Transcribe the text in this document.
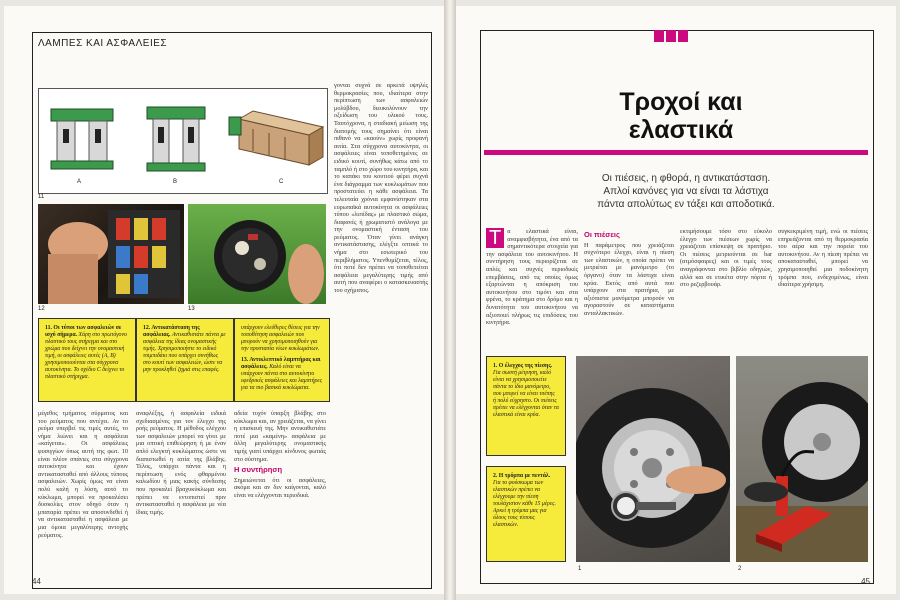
ΛΑΜΠΕΣ ΚΑΙ ΑΣΦΑΛΕΙΕΣ
A	B	C
11

γονται συχνά σε αρκετά υψηλές θερμοκρασίες που, ιδιαίτερα στην περίπτωση των ασφαλειών μολύβδου, διευκολύνουν την οξείδωση του υλικού τους. Ταυτόχρονα, η σταδιακή μείωση της διατομής τους σημαίνει ότι είναι πιθανό να «καούν» χωρίς προφανή αιτία. Στα σύγχρονα αυτοκίνητα, οι ασφάλειες είναι τοποθετημένες σε ειδικό κουτί, συνήθως κάτω από το ταμπλό ή στο χώρο του κινητήρα, και το καπάκι του κουτιού φέρει συχνά ένα διάγραμμα των κυκλωμάτων που προστατεύει η κάθε ασφάλεια. Τα τελευταία χρόνια εμφανίστηκαν στα ευρωπαϊκά αυτοκίνητα οι ασφάλειες τύπου «λεπίδας» με πλαστικό σώμα, διαφανές ή χρωματιστό ανάλογα με την ονομαστική ένταση του ρεύματος. Όταν γίνει ανάγκη αντικατάστασης, ελέγξτε οπτικά το νήμα στο εσωτερικό του περιβλήματος. Υπενθυμίζεται, τέλος, ότι ποτέ δεν πρέπει να τοποθετείται ασφάλεια μεγαλύτερης τιμής από αυτή που αναφέρει ο κατασκευαστής του οχήματος.

12	13

11. Οι τύποι των ασφαλειών σε ισχύ σήμερα. Χάρη στο πρωτόγονο πλαστικό τους στήριγμα και στο χρώμα που δείχνει την ονομαστική τιμή, οι ασφάλειες αυτές (Α, Β) χρησιμοποιούνται στα σύγχρονα αυτοκίνητα. Το σχέδιο C δείχνει το πλαστικό στήριγμα.

12. Αντικατάσταση της ασφάλειας. Αντικαθιστάτε πάντα με ασφάλεια της ίδιας ονομαστικής τιμής. Χρησιμοποιήστε το ειδικό τσιμπιδάκι που υπάρχει συνήθως στο κουτί των ασφαλειών, ώστε να μην προκληθεί ζημιά στις επαφές.

υπάρχουν ελεύθερες θέσεις για την τοποθέτηση ασφαλειών που μπορούν να χρησιμοποιηθούν για την προστασία νέων κυκλωμάτων.

13. Αντικλεπτικό λαμπτήρας και ασφάλειες. Καλό είναι να υπάρχουν πάντα στο αυτοκίνητο εφεδρικές ασφάλειες και λαμπτήρες για τα πιο βασικά κυκλώματα.

μέγεθος τμήματος σύρματος και του ρεύματος που αντέχει. Αν το ρεύμα υπερβεί τις τιμές αυτές, το νήμα λιώνει και η ασφάλεια «καίγεται». Οι ασφάλειες φυσιγγίων όπως αυτή της φωτ. 10 είναι πλέον σπάνιες στα σύγχρονα αυτοκίνητα και έχουν αντικατασταθεί από άλλους τύπους ασφαλειών. Χωρίς όμως να είναι πολύ καλή η λύση, αυτό το κύκλωμα, μπορεί να προκαλέσει δυσκολίες στον οδηγό όταν η μπαταρία πρέπει να αποσυνδεθεί ή να αντικατασταθεί η ασφάλεια με μια όμοια μεγαλύτερης αντοχής ρεύματος.

αναφλέξης, ή ασφαλεία ειδικά σχεδιασμένες για τον έλεγχο της ροής ρεύματος. Η μέθοδος ελέγχου των ασφαλειών μπορεί να γίνει με μια οπτική επιθεώρηση ή με έναν απλό ελεγκτή κυκλώματος ώστε να διαπιστωθεί η αιτία της βλάβης. Τέλος, υπάρχει πάντα και η περίπτωση ενός φθαρμένου καλωδίου ή μιας κακής σύνδεσης που προκαλεί βραχυκύκλωμα και πρέπει να εντοπιστεί πριν αντικατασταθεί η ασφάλεια με νέα ίδιας τιμής.

αδεία τυχόν ύπαρξη βλάβης στο κύκλωμα και, αν χρειάζεται, να γίνει η επισκευή της. Μην αντικαθιστάτε ποτέ μια «καμένη» ασφάλεια με άλλη μεγαλύτερης ονομαστικής τιμής γιατί υπάρχει κίνδυνος φωτιάς στο σύστημα.

Η συντήρηση

Σημειώνεται ότι οι ασφάλειες, ακόμα και αν δεν καίγονται, καλό είναι να ελέγχονται περιοδικά.

44
Τροχοί και
ελαστικά
Οι πιέσεις, η φθορά, η αντικατάσταση.
Απλοί κανόνες για να είναι τα λάστιχα
πάντα απολύτως εν τάξει και αποδοτικά.

Τ α ελαστικά είναι, αναμφισβήτητα, ένα από τα σημαντικότερα στοιχεία για την ασφάλεια του αυτοκινήτου. Η συντήρηση τους περιορίζεται σε απλές και συχνές περιοδικές επεμβάσεις, από τις οποίες όμως εξαρτώνται η απόκριση του αυτοκινήτου στο τιμόνι και στα φρένα, το κράτημα στο δρόμο και η δυνατότητα του αυτοκινήτου να αξιοποιεί πλήρως τις επιδόσεις του κινητήρα.

Οι πιέσεις

Η παράμετρος που χρειάζεται συχνότερο έλεγχο, είναι η πίεση των ελαστικών, η οποία πρέπει να μετριέται με μανόμετρο (το όργανο) όταν τα λάστιχα είναι κρύα. Εκτός από αυτά που υπάρχουν στα πρατήρια, με αξιόπιστα μανόμετρα μπορούν να αγοραστούν σε καταστήματα ανταλλακτικών.

εκτιμήσουμε τόσο στο εύκολο έλεγχο των πιέσεων χωρίς να χρειάζεται επίσκεψη σε πρατήριο. Οι πιέσεις μετριούνται σε bar (ατμόσφαιρες) και οι τιμές τους αναγράφονται στο βιβλίο οδηγιών, αλλά και σε ετικέτα στην πόρτα ή στο ρεζερβουάρ.

συγκεκριμένη τιμή, ενώ οι πιέσεις επηρεάζονται από τη θερμοκρασία του αέρα και την πορεία του αυτοκινήτου. Αν η πίεση πρέπει να αποκατασταθεί, μπορεί να χρησιμοποιηθεί μια ποδοκίνητη τρόμπα που, ενδεχομένως, είναι ιδιαίτερα χρήσιμη.

1. Ο έλεγχος της πίεσης. Για σωστή μέτρηση, καλό είναι να χρησιμοποιείτε πάντα το ίδιο μανόμετρο, που μπορεί να είναι τσέπης ή πολύ εύχρηστο. Οι πιέσεις πρέπει να ελέγχονται όταν τα ελαστικά είναι κρύα.

2. Η τρόμπα με πεντάλ. Για το φούσκωμα των ελαστικών πρέπει να ελέγχουμε την πίεση τουλάχιστον κάθε 15 μέρες. Αρκεί η τρόμπα μας για όλους τους τύπους ελαστικών.

1	2
45
